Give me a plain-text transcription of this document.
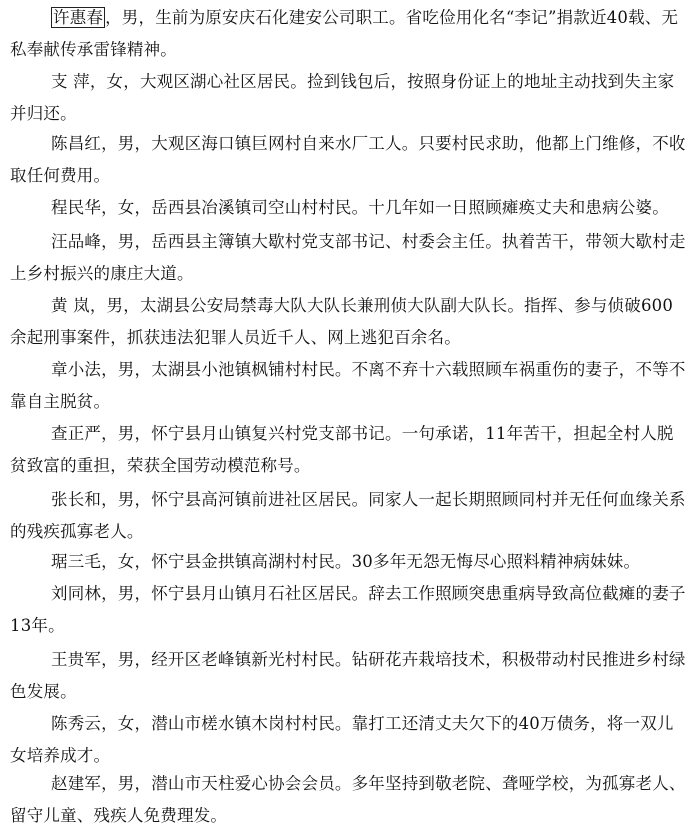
许惠春 ，男，生前为原安庆石化建安公司职工。省吃俭用化名“李记”捐款近40载、无私奉献传承雷锋精神。

支 萍，女，大观区湖心社区居民。捡到钱包后，按照身份证上的地址主动找到失主家并归还。

陈昌红，男，大观区海口镇巨网村自来水厂工人。只要村民求助，他都上门维修，不收取任何费用。

程民华，女，岳西县冶溪镇司空山村村民。十几年如一日照顾瘫痪丈夫和患病公婆。

汪品峰，男，岳西县主簿镇大歇村党支部书记、村委会主任。执着苦干，带领大歇村走上乡村振兴的康庄大道。

黄 岚，男，太湖县公安局禁毒大队大队长兼刑侦大队副大队长。指挥、参与侦破600余起刑事案件，抓获违法犯罪人员近千人、网上逃犯百余名。

章小法，男，太湖县小池镇枫铺村村民。不离不弃十六载照顾车祸重伤的妻子，不等不靠自主脱贫。

查正严，男，怀宁县月山镇复兴村党支部书记。一句承诺，11年苦干，担起全村人脱贫致富的重担，荣获全国劳动模范称号。

张长和，男，怀宁县高河镇前进社区居民。同家人一起长期照顾同村并无任何血缘关系的残疾孤寡老人。

琚三毛，女，怀宁县金拱镇高湖村村民。30多年无怨无悔尽心照料精神病妹妹。

刘同林，男，怀宁县月山镇月石社区居民。辞去工作照顾突患重病导致高位截瘫的妻子13年。

王贵军，男，经开区老峰镇新光村村民。钻研花卉栽培技术，积极带动村民推进乡村绿色发展。

陈秀云，女，潜山市槎水镇木岗村村民。靠打工还清丈夫欠下的40万债务，将一双儿女培养成才。

赵建军，男，潜山市天柱爱心协会会员。多年坚持到敬老院、聋哑学校，为孤寡老人、留守儿童、残疾人免费理发。
